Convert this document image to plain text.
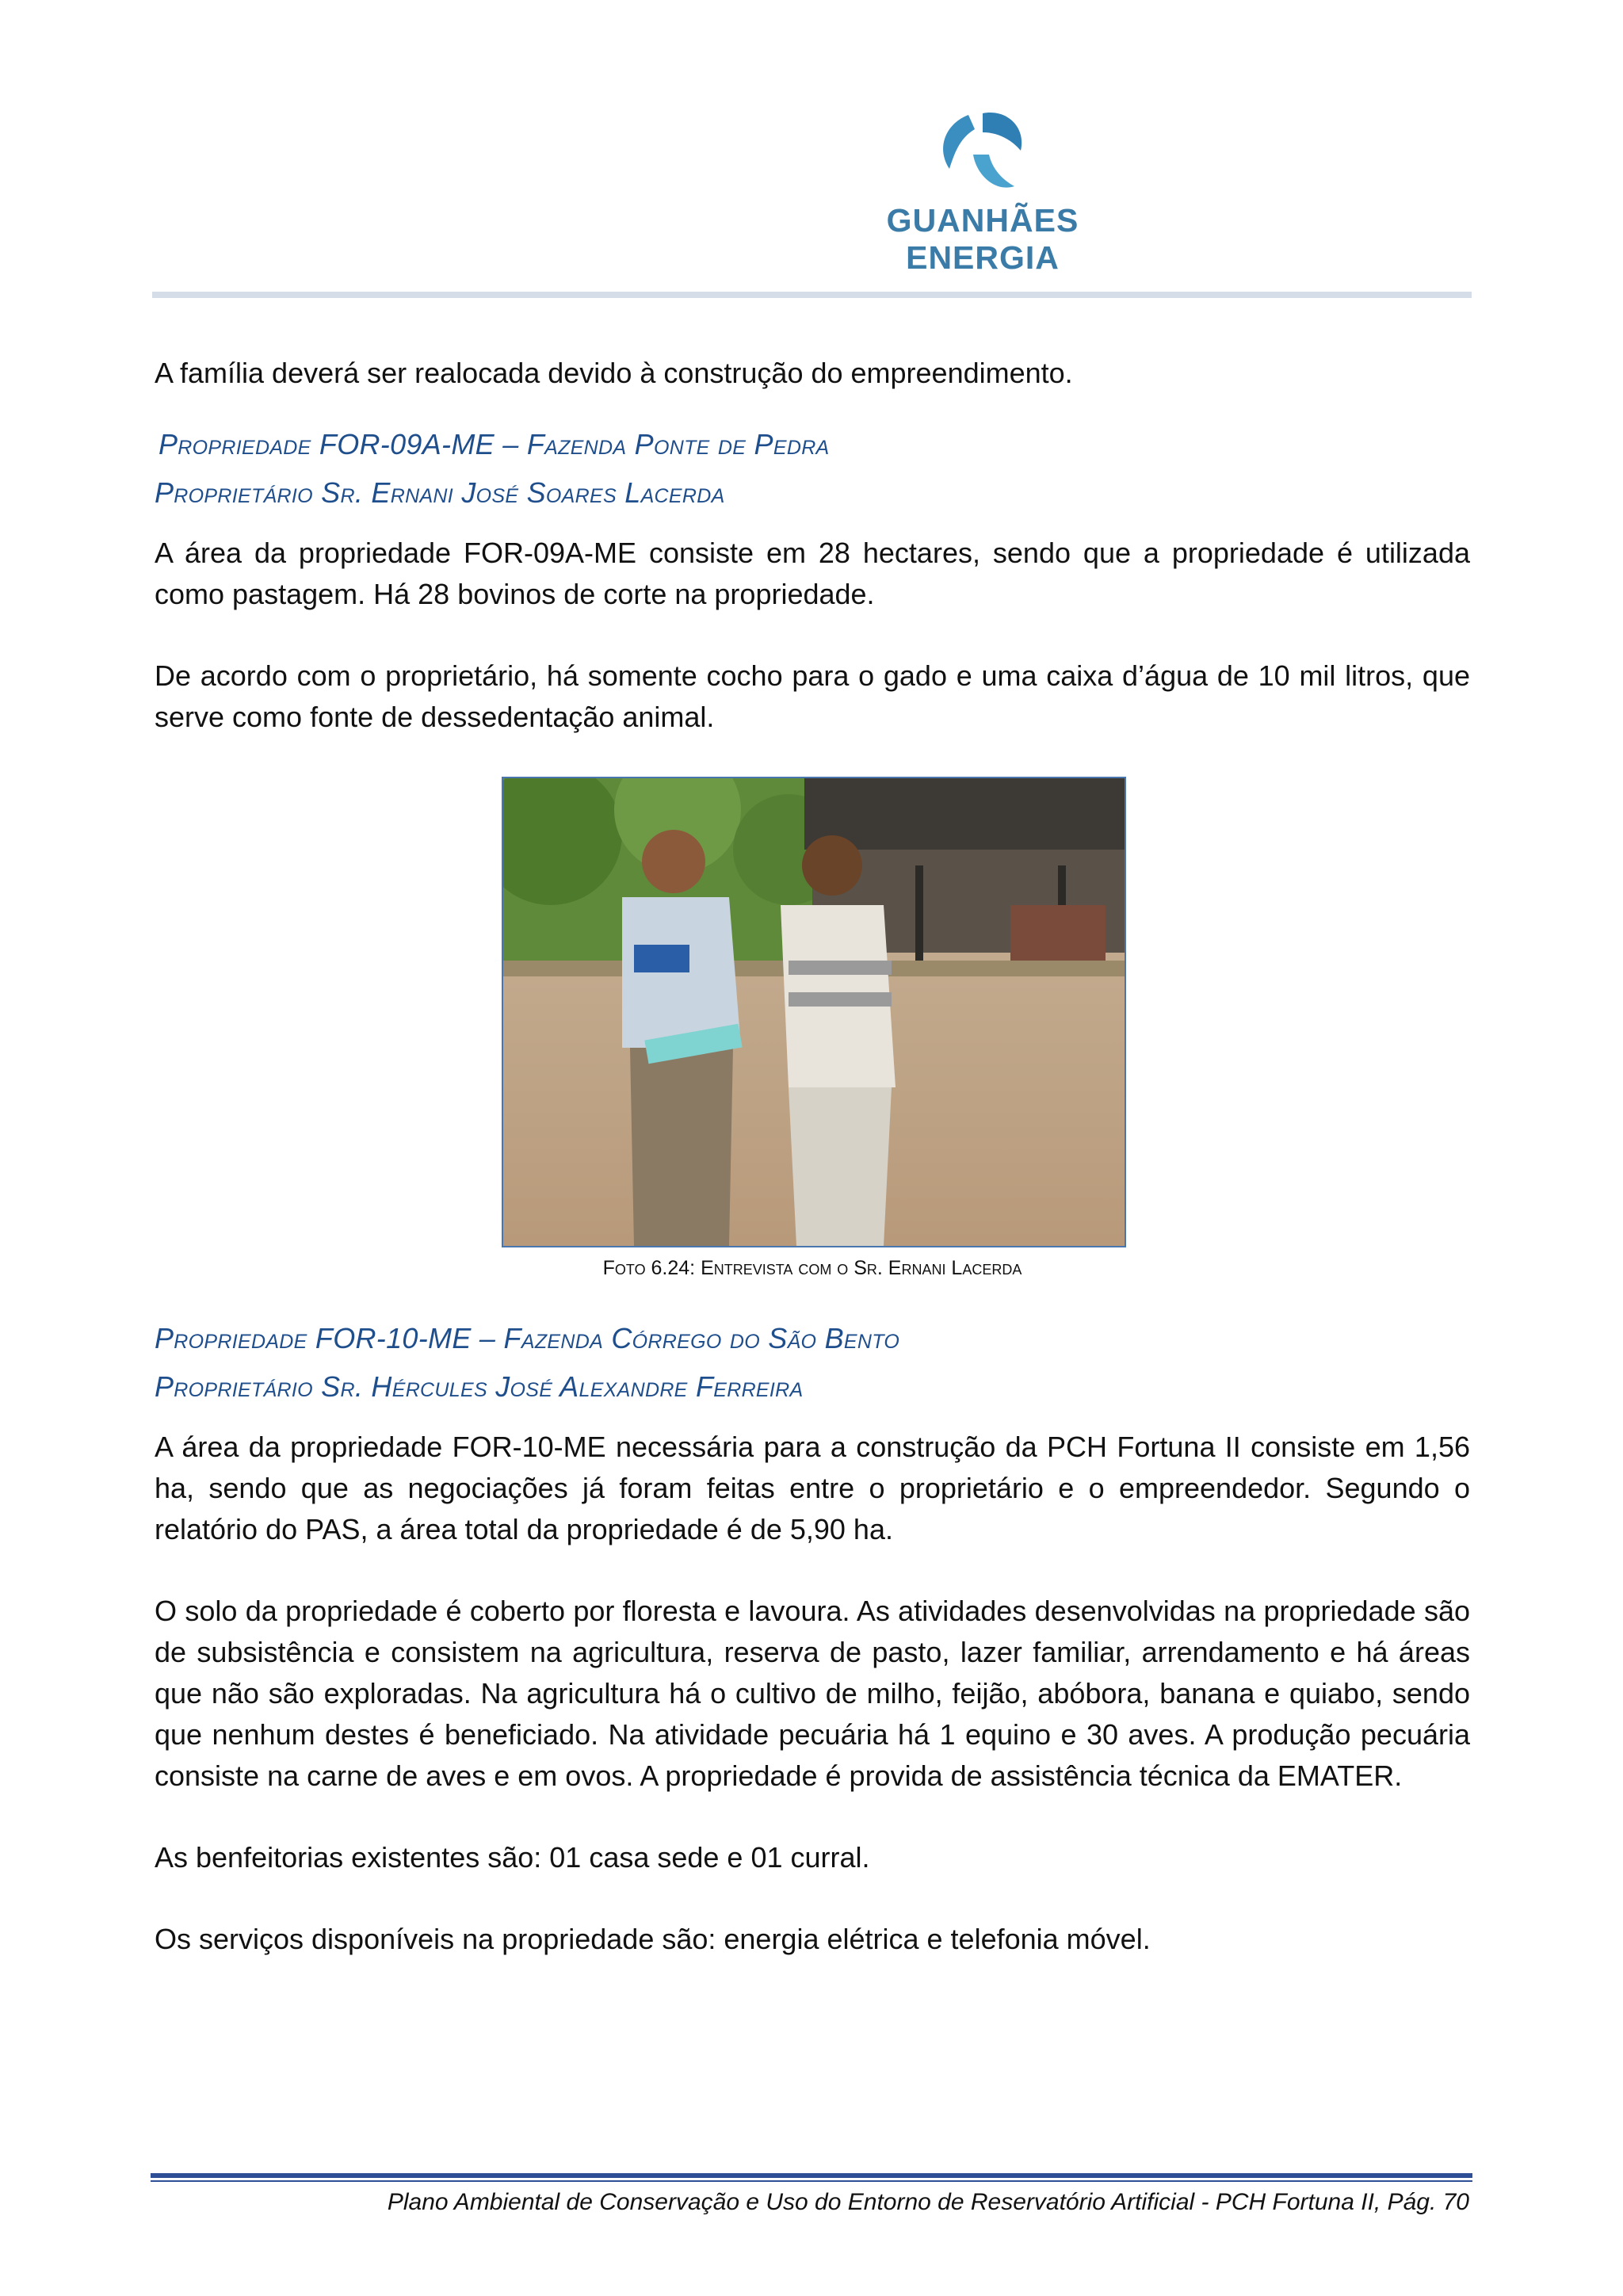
GUANHÃES ENERGIA

A família deverá ser realocada devido à construção do empreendimento.

Propriedade FOR-09A-ME – Fazenda Ponte de Pedra

Proprietário Sr. Ernani José Soares Lacerda

A área da propriedade FOR-09A-ME consiste em 28 hectares, sendo que a propriedade é utilizada como pastagem. Há 28 bovinos de corte na propriedade.

De acordo com o proprietário, há somente cocho para o gado e uma caixa d’água de 10 mil litros, que serve como fonte de dessedentação animal.

Foto 6.24: Entrevista com o Sr. Ernani Lacerda

Propriedade FOR-10-ME – Fazenda Córrego do São Bento

Proprietário Sr. Hércules José Alexandre Ferreira

A área da propriedade FOR-10-ME necessária para a construção da PCH Fortuna II consiste em 1,56 ha, sendo que as negociações já foram feitas entre o proprietário e o empreendedor. Segundo o relatório do PAS, a área total da propriedade é de 5,90 ha.

O solo da propriedade é coberto por floresta e lavoura. As atividades desenvolvidas na propriedade são de subsistência e consistem na agricultura, reserva de pasto, lazer familiar, arrendamento e há áreas que não são exploradas. Na agricultura há o cultivo de milho, feijão, abóbora, banana e quiabo, sendo que nenhum destes é beneficiado. Na atividade pecuária há 1 equino e 30 aves. A produção pecuária consiste na carne de aves e em ovos. A propriedade é provida de assistência técnica da EMATER.

As benfeitorias existentes são: 01 casa sede e 01 curral.

Os serviços disponíveis na propriedade são: energia elétrica e telefonia móvel.

Plano Ambiental de Conservação e Uso do Entorno de Reservatório Artificial - PCH Fortuna II, Pág. 70
